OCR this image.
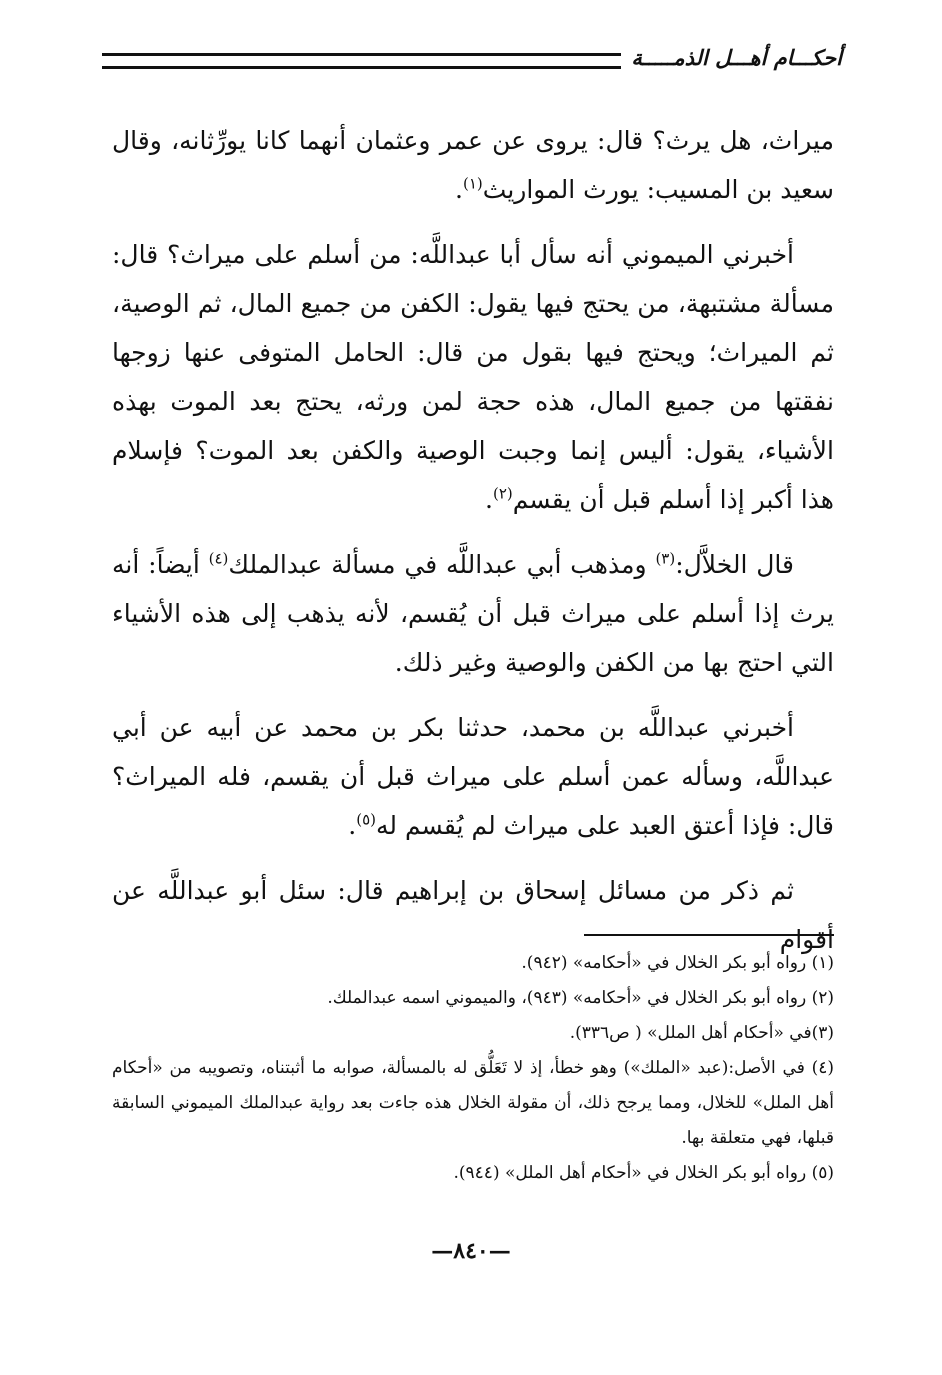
أحكـــام أهـــل الذمـــــة

ميراث، هل يرث؟ قال: يروى عن عمر وعثمان أنهما كانا يورِّثانه، وقال سعيد بن المسيب: يورث المواريث$^{(١)}$.

أخبرني الميموني أنه سأل أبا عبداللَّه: من أسلم على ميراث؟ قال: مسألة مشتبهة، من يحتج فيها يقول: الكفن من جميع المال، ثم الوصية، ثم الميراث؛ ويحتج فيها بقول من قال: الحامل المتوفى عنها زوجها نفقتها من جميع المال، هذه حجة لمن ورثه، يحتج بعد الموت بهذه الأشياء، يقول: أليس إنما وجبت الوصية والكفن بعد الموت؟ فإسلام هذا أكبر إذا أسلم قبل أن يقسم$^{(٢)}$.

قال الخلاَّل:$^{(٣)}$ ومذهب أبي عبداللَّه في مسألة عبدالملك$^{(٤)}$ أيضاً: أنه يرث إذا أسلم على ميراث قبل أن يُقسم، لأنه يذهب إلى هذه الأشياء التي احتج بها من الكفن والوصية وغير ذلك.

أخبرني عبداللَّه بن محمد، حدثنا بكر بن محمد عن أبيه عن أبي عبداللَّه، وسأله عمن أسلم على ميراث قبل أن يقسم، فله الميراث؟ قال: فإذا أعتق العبد على ميراث لم يُقسم له$^{(٥)}$.

ثم ذكر من مسائل إسحاق بن إبراهيم قال: سئل أبو عبداللَّه عن أقوام

(١) رواه أبو بكر الخلال في «أحكامه» (٩٤٢).

(٢) رواه أبو بكر الخلال في «أحكامه» (٩٤٣)، والميموني اسمه عبدالملك.

(٣)في «أحكام أهل الملل» ( ص٣٣٦).

(٤) في الأصل:(عبد «الملك») وهو خطأ، إذ لا تَعَلُّق له بالمسألة، صوابه ما أثبتناه، وتصويبه من «أحكام أهل الملل» للخلال، ومما يرجح ذلك، أن مقولة الخلال هذه جاءت بعد رواية عبدالملك الميموني السابقة قبلها، فهي متعلقة بها.

(٥) رواه أبو بكر الخلال في «أحكام أهل الملل» (٩٤٤).

—٨٤٠—
